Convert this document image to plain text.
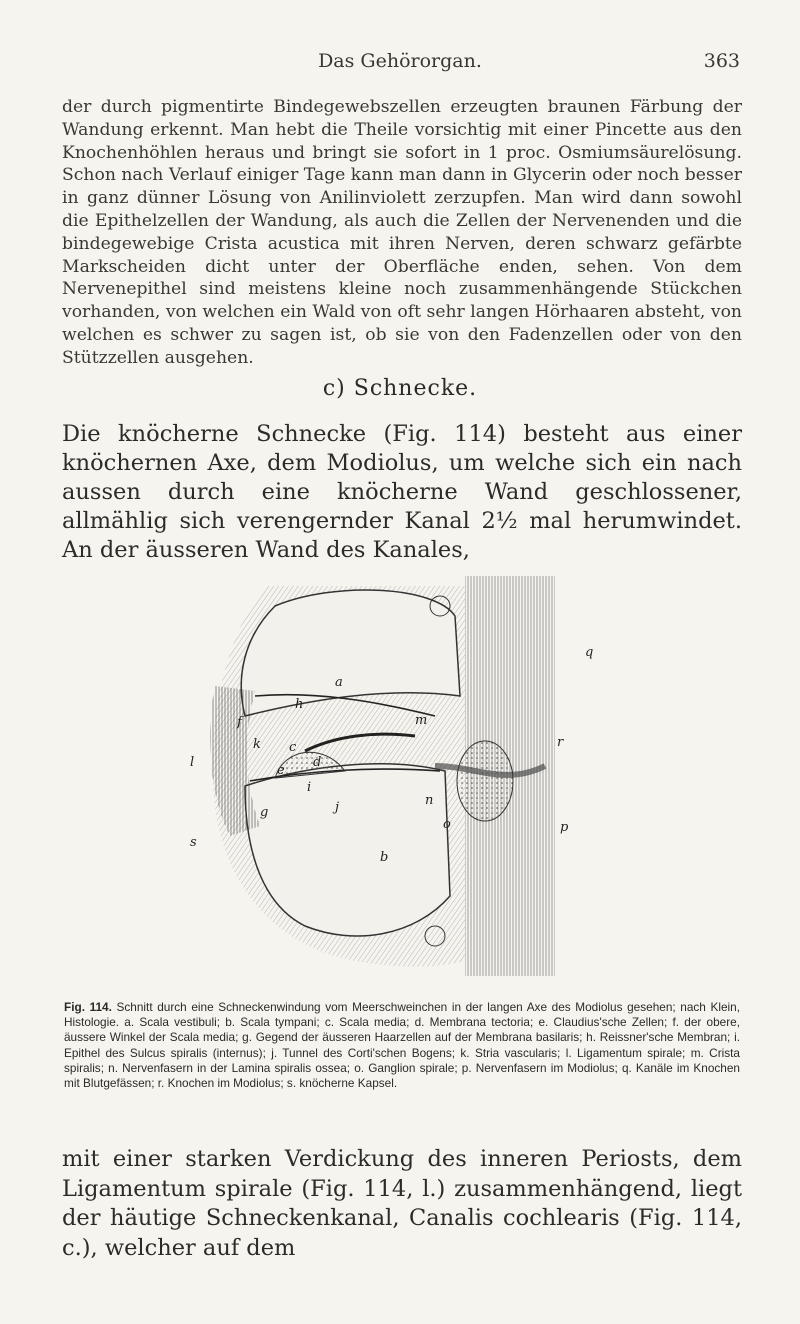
Das Gehörorgan.	363
der durch pigmentirte Bindegewebszellen erzeugten braunen Färbung der Wandung erkennt. Man hebt die Theile vorsichtig mit einer Pincette aus den Knochenhöhlen heraus und bringt sie sofort in 1 proc. Osmiumsäurelösung. Schon nach Verlauf einiger Tage kann man dann in Glycerin oder noch besser in ganz dünner Lösung von Anilinviolett zerzupfen. Man wird dann sowohl die Epithelzellen der Wandung, als auch die Zellen der Nervenenden und die bindegewebige Crista acustica mit ihren Nerven, deren schwarz gefärbte Markscheiden dicht unter der Oberfläche enden, sehen. Von dem Nervenepithel sind meistens kleine noch zusammenhängende Stückchen vorhanden, von welchen ein Wald von oft sehr langen Hörhaaren absteht, von welchen es schwer zu sagen ist, ob sie von den Fadenzellen oder von den Stützzellen ausgehen.
c) Schnecke.
Die knöcherne Schnecke (Fig. 114) besteht aus einer knöchernen Axe, dem Modiolus, um welche sich ein nach aussen durch eine knöcherne Wand geschlossener, allmählig sich verengernder Kanal 2½ mal herumwindet. An der äusseren Wand des Kanales,
q
a
h
m
f
k c
d
r
e
i
l
j
g
n
o
b
s
p
Fig. 114. Schnitt durch eine Schneckenwindung vom Meerschweinchen in der langen Axe des Modiolus gesehen; nach Klein, Histologie. a. Scala vestibuli; b. Scala tympani; c. Scala media; d. Membrana tectoria; e. Claudius'sche Zellen; f. der obere, äussere Winkel der Scala media; g. Gegend der äusseren Haarzellen auf der Membrana basilaris; h. Reissner'sche Membran; i. Epithel des Sulcus spiralis (internus); j. Tunnel des Corti'schen Bogens; k. Stria vascularis; l. Ligamentum spirale; m. Crista spiralis; n. Nervenfasern in der Lamina spiralis ossea; o. Ganglion spirale; p. Nervenfasern im Modiolus; q. Kanäle im Knochen mit Blutgefässen; r. Knochen im Modiolus; s. knöcherne Kapsel.
mit einer starken Verdickung des inneren Periosts, dem Ligamentum spirale (Fig. 114, l.) zusammenhängend, liegt der häutige Schneckenkanal, Canalis cochlearis (Fig. 114, c.), welcher auf dem
